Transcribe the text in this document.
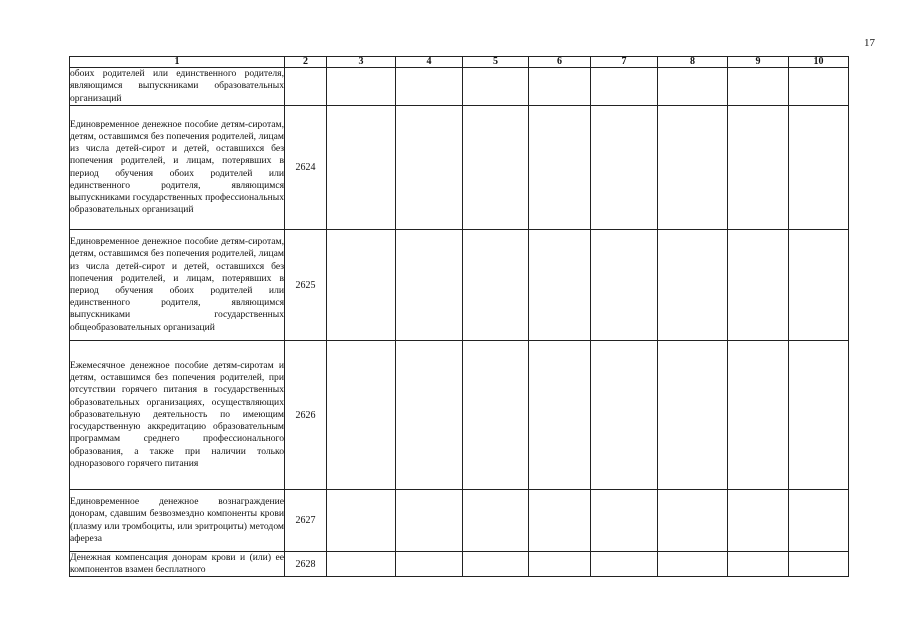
17
1	2	3	4	5	6	7	8	9	10
обоих родителей или единственного родителя, являющимся выпускниками образовательных организаций									
Единовременное денежное пособие детям-сиротам, детям, оставшимся без попечения родителей, лицам из числа детей-сирот и детей, оставшихся без попечения родителей, и лицам, потерявших в период обучения обоих родителей или единственного родителя, являющимся выпускниками государственных профессиональных образовательных организаций	2624								
Единовременное денежное пособие детям-сиротам, детям, оставшимся без попечения родителей, лицам из числа детей-сирот и детей, оставшихся без попечения родителей, и лицам, потерявших в период обучения обоих родителей или единственного родителя, являющимся выпускниками государственных общеобразовательных организаций	2625								
Ежемесячное денежное пособие детям-сиротам и детям, оставшимся без попечения родителей, при отсутствии горячего питания в государственных образовательных организациях, осуществляющих образовательную деятельность по имеющим государственную аккредитацию образовательным программам среднего профессионального образования, а также при наличии только одноразового горячего питания	2626								
Единовременное денежное вознаграждение донорам, сдавшим безвозмездно компоненты крови (плазму или тромбоциты, или эритроциты) методом афереза	2627								
Денежная компенсация донорам крови и (или) ее компонентов взамен бесплатного	2628								
